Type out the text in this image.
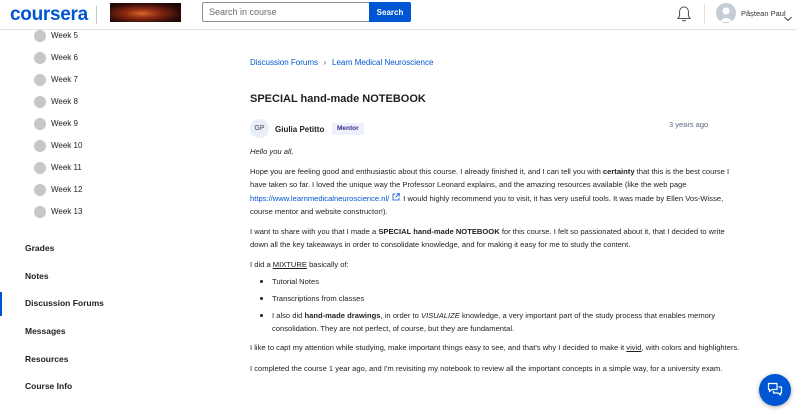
coursera
Search in course	Search	Păștean Paul
Week 5
Week 6
Week 7
Week 8
Week 9
Week 10
Week 11
Week 12
Week 13
Grades
Notes
Discussion Forums
Messages
Resources
Course Info
Discussion Forums › Learn Medical Neuroscience
SPECIAL hand-made NOTEBOOK
GP	Giulia Petitto	Mentor	3 years ago

Hello you all,

Hope you are feeling good and enthusiastic about this course. I already finished it, and I can tell you with certainty that this is the best course I have taken so far. I loved the unique way the Professor Leonard explains, and the amazing resources available (like the web page https://www.learnmedicalneuroscience.nl/ I would highly recommend you to visit, it has very useful tools. It was made by Ellen Vos-Wisse, course mentor and website constructor!).

I want to share with you that I made a SPECIAL hand-made NOTEBOOK for this course. I felt so passionated about it, that I decided to write down all the key takeaways in order to consolidate knowledge, and for making it easy for me to study the content.

I did a MIXTURE basically of:

Tutorial Notes
Transcriptions from classes
I also did hand-made drawings, in order to VISUALIZE knowledge, a very important part of the study process that enables memory consolidation. They are not perfect, of course, but they are fundamental.

I like to capt my attention while studying, make important things easy to see, and that's why I decided to make it vivid, with colors and highlighters.

I completed the course 1 year ago, and I'm revisiting my notebook to review all the important concepts in a simple way, for a university exam.
